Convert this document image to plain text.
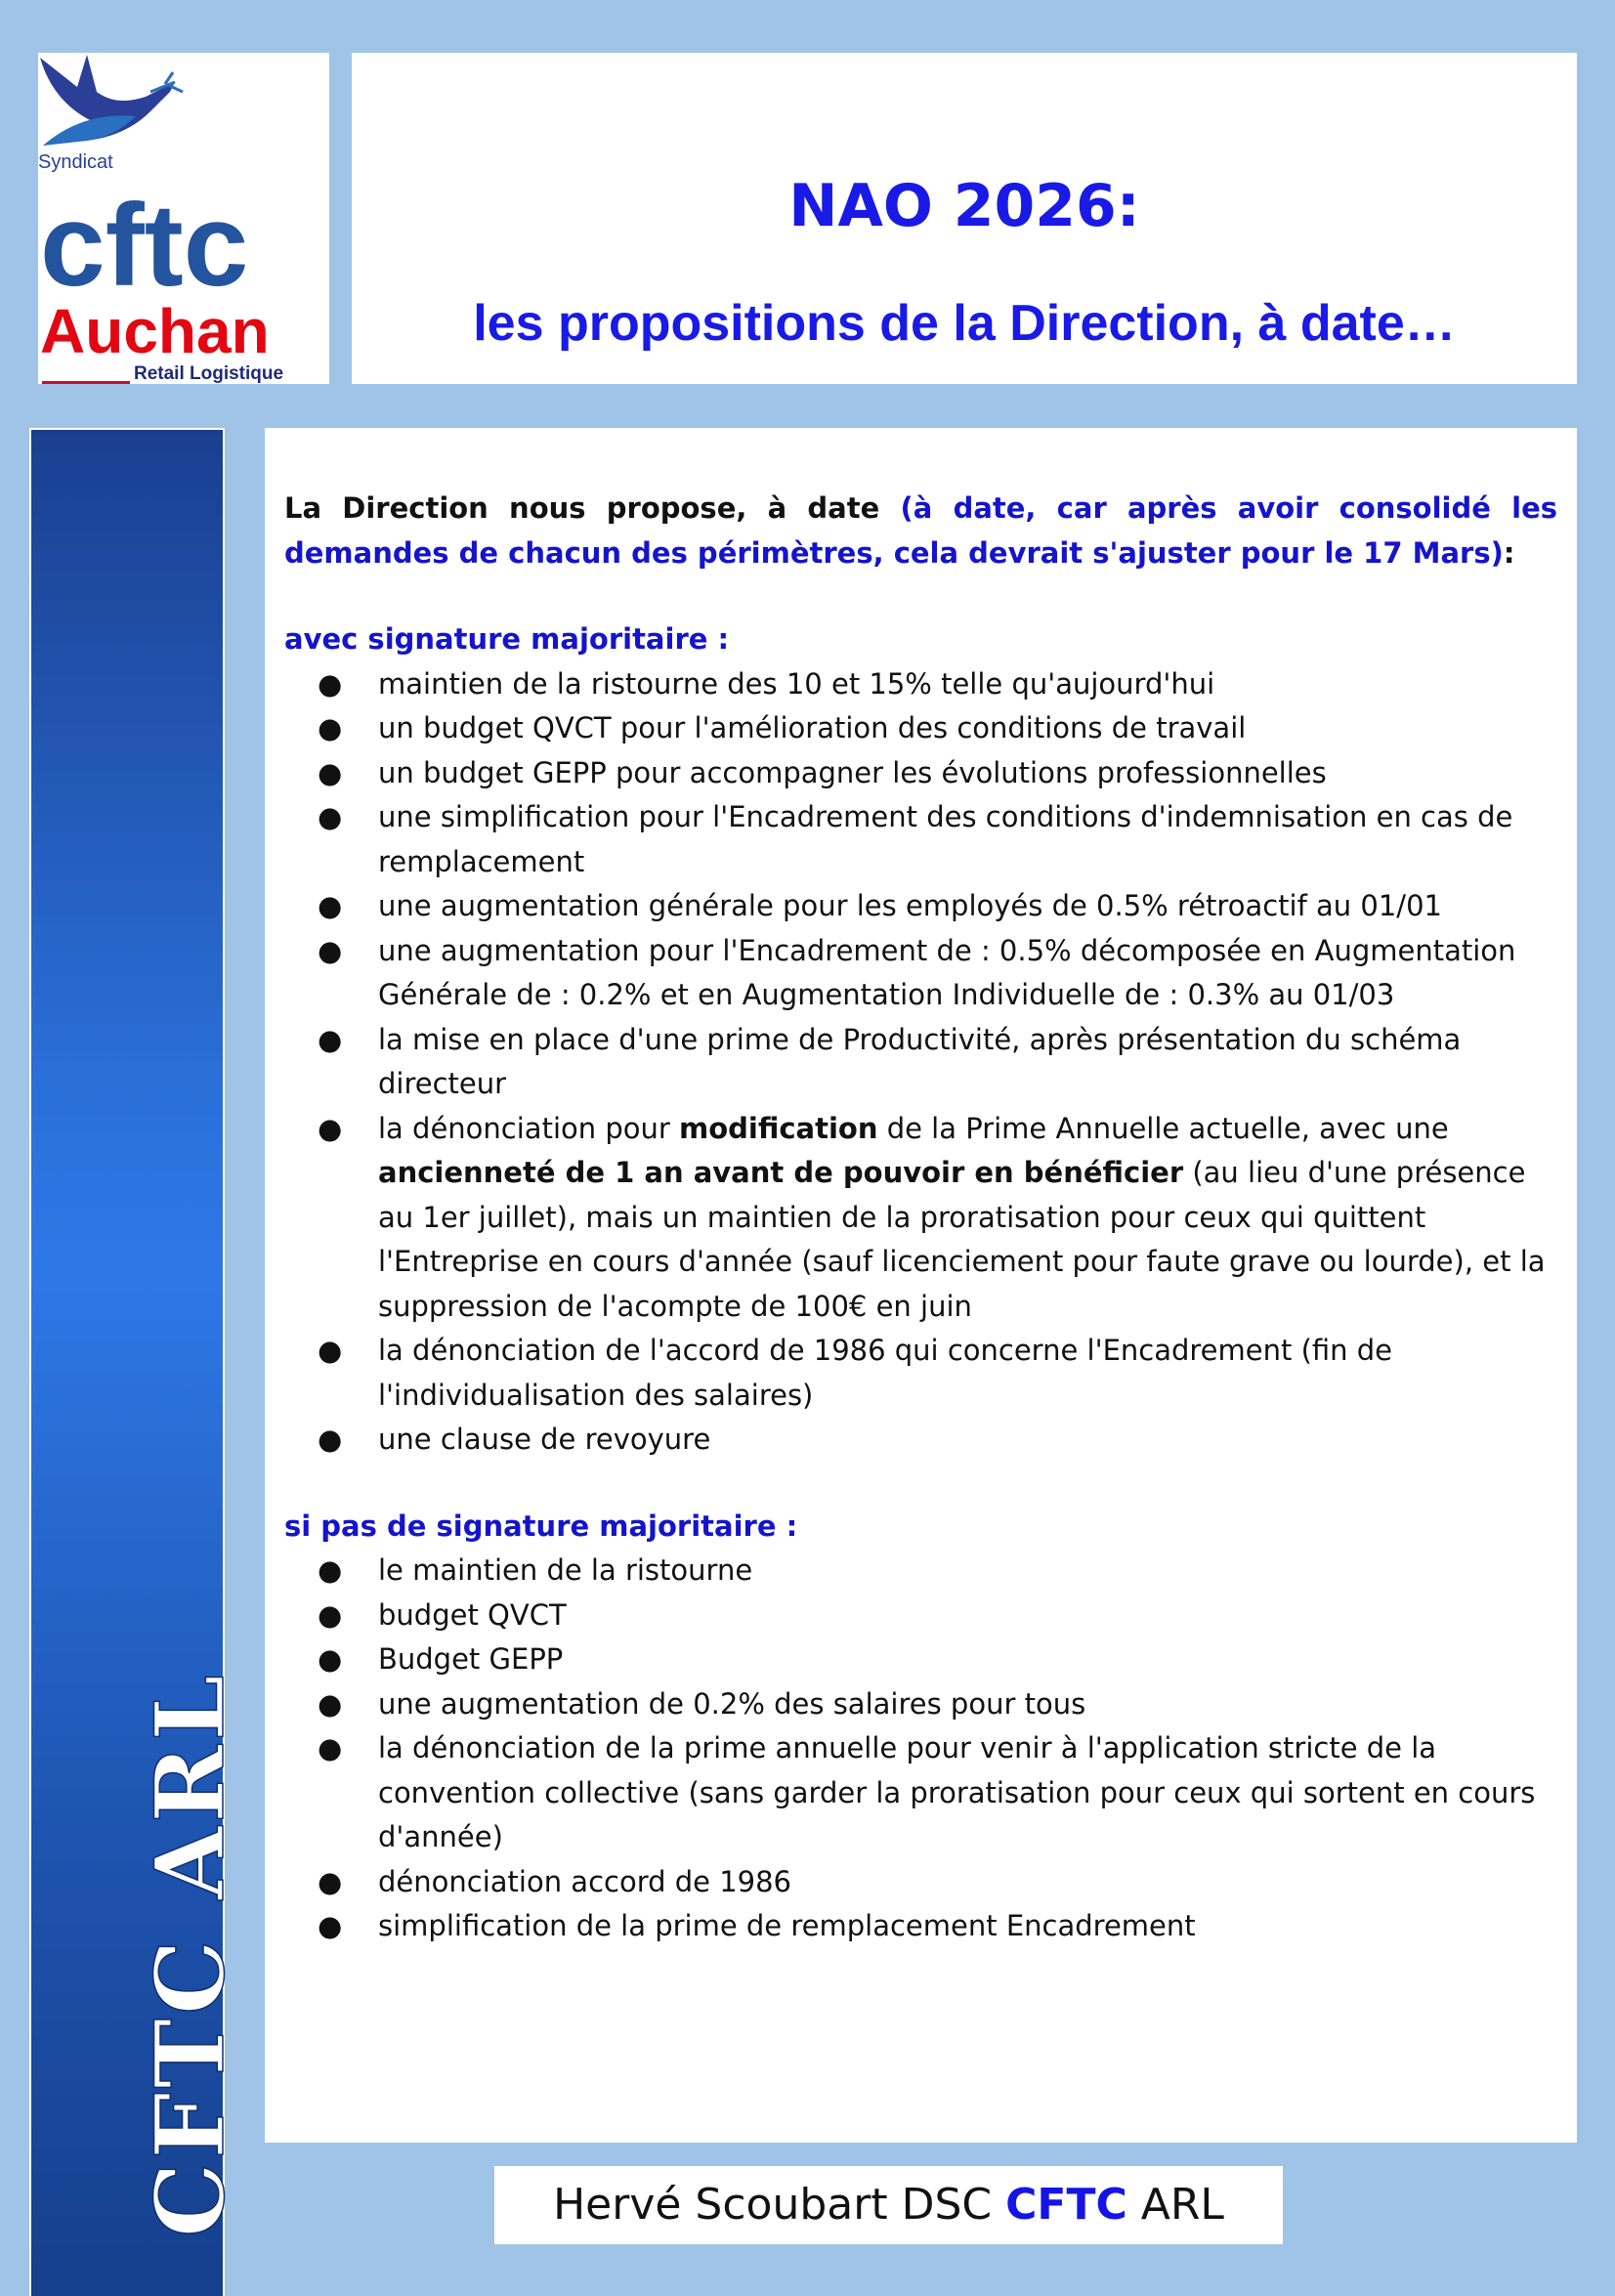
Syndicat
cftc
Auchan
Retail Logistique
NAO 2026:
les propositions de la Direction, à date…
CFTC ARL

La Direction nous propose, à date (à date, car après avoir consolidé les demandes de chacun des périmètres, cela devrait s'ajuster pour le 17 Mars):

avec signature majoritaire :

● maintien de la ristourne des 10 et 15% telle qu'aujourd'hui
● un budget QVCT pour l'amélioration des conditions de travail
● un budget GEPP pour accompagner les évolutions professionnelles
● une simplification pour l'Encadrement des conditions d'indemnisation en cas de remplacement
● une augmentation générale pour les employés de 0.5% rétroactif au 01/01
● une augmentation pour l'Encadrement de : 0.5% décomposée en Augmentation Générale de : 0.2% et en Augmentation Individuelle de : 0.3% au 01/03
● la mise en place d'une prime de Productivité, après présentation du schéma directeur
● la dénonciation pour modification de la Prime Annuelle actuelle, avec une ancienneté de 1 an avant de pouvoir en bénéficier (au lieu d'une présence au 1er juillet), mais un maintien de la proratisation pour ceux qui quittent l'Entreprise en cours d'année (sauf licenciement pour faute grave ou lourde), et la suppression de l'acompte de 100€ en juin
● la dénonciation de l'accord de 1986 qui concerne l'Encadrement (fin de l'individualisation des salaires)
● une clause de revoyure

si pas de signature majoritaire :

● le maintien de la ristourne
● budget QVCT
● Budget GEPP
● une augmentation de 0.2% des salaires pour tous
● la dénonciation de la prime annuelle pour venir à l'application stricte de la convention collective (sans garder la proratisation pour ceux qui sortent en cours d'année)
● dénonciation accord de 1986
● simplification de la prime de remplacement Encadrement
Hervé Scoubart DSC CFTC ARL
